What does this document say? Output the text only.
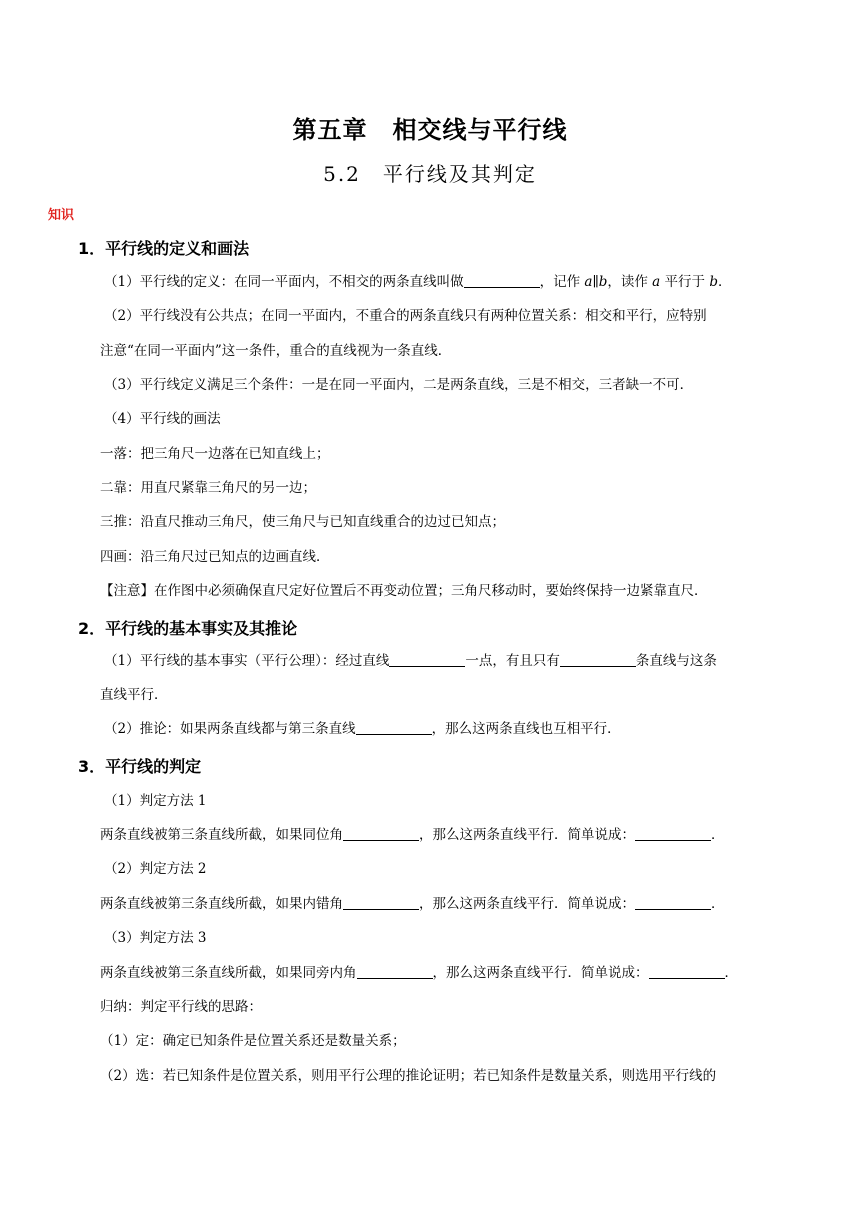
第五章　相交线与平行线
5.2　平行线及其判定
知识
1．平行线的定义和画法
（1）平行线的定义：在同一平面内，不相交的两条直线叫做	，记作 a∥b，读作 a 平行于 b．
（2）平行线没有公共点；在同一平面内，不重合的两条直线只有两种位置关系：相交和平行，应特别
注意“在同一平面内”这一条件，重合的直线视为一条直线．
（3）平行线定义满足三个条件：一是在同一平面内，二是两条直线，三是不相交，三者缺一不可．
（4）平行线的画法
一落：把三角尺一边落在已知直线上；
二靠：用直尺紧靠三角尺的另一边；
三推：沿直尺推动三角尺，使三角尺与已知直线重合的边过已知点；
四画：沿三角尺过已知点的边画直线．
【注意】在作图中必须确保直尺定好位置后不再变动位置；三角尺移动时，要始终保持一边紧靠直尺．
2．平行线的基本事实及其推论
（1）平行线的基本事实（平行公理）：经过直线	一点，有且只有	条直线与这条
直线平行．
（2）推论：如果两条直线都与第三条直线	，那么这两条直线也互相平行．
3．平行线的判定
（1）判定方法 1
两条直线被第三条直线所截，如果同位角	，那么这两条直线平行．简单说成：	．
（2）判定方法 2
两条直线被第三条直线所截，如果内错角	，那么这两条直线平行．简单说成：	．
（3）判定方法 3
两条直线被第三条直线所截，如果同旁内角	，那么这两条直线平行．简单说成：	．
归纳：判定平行线的思路：
（1）定：确定已知条件是位置关系还是数量关系；
（2）选：若已知条件是位置关系，则用平行公理的推论证明；若已知条件是数量关系，则选用平行线的
